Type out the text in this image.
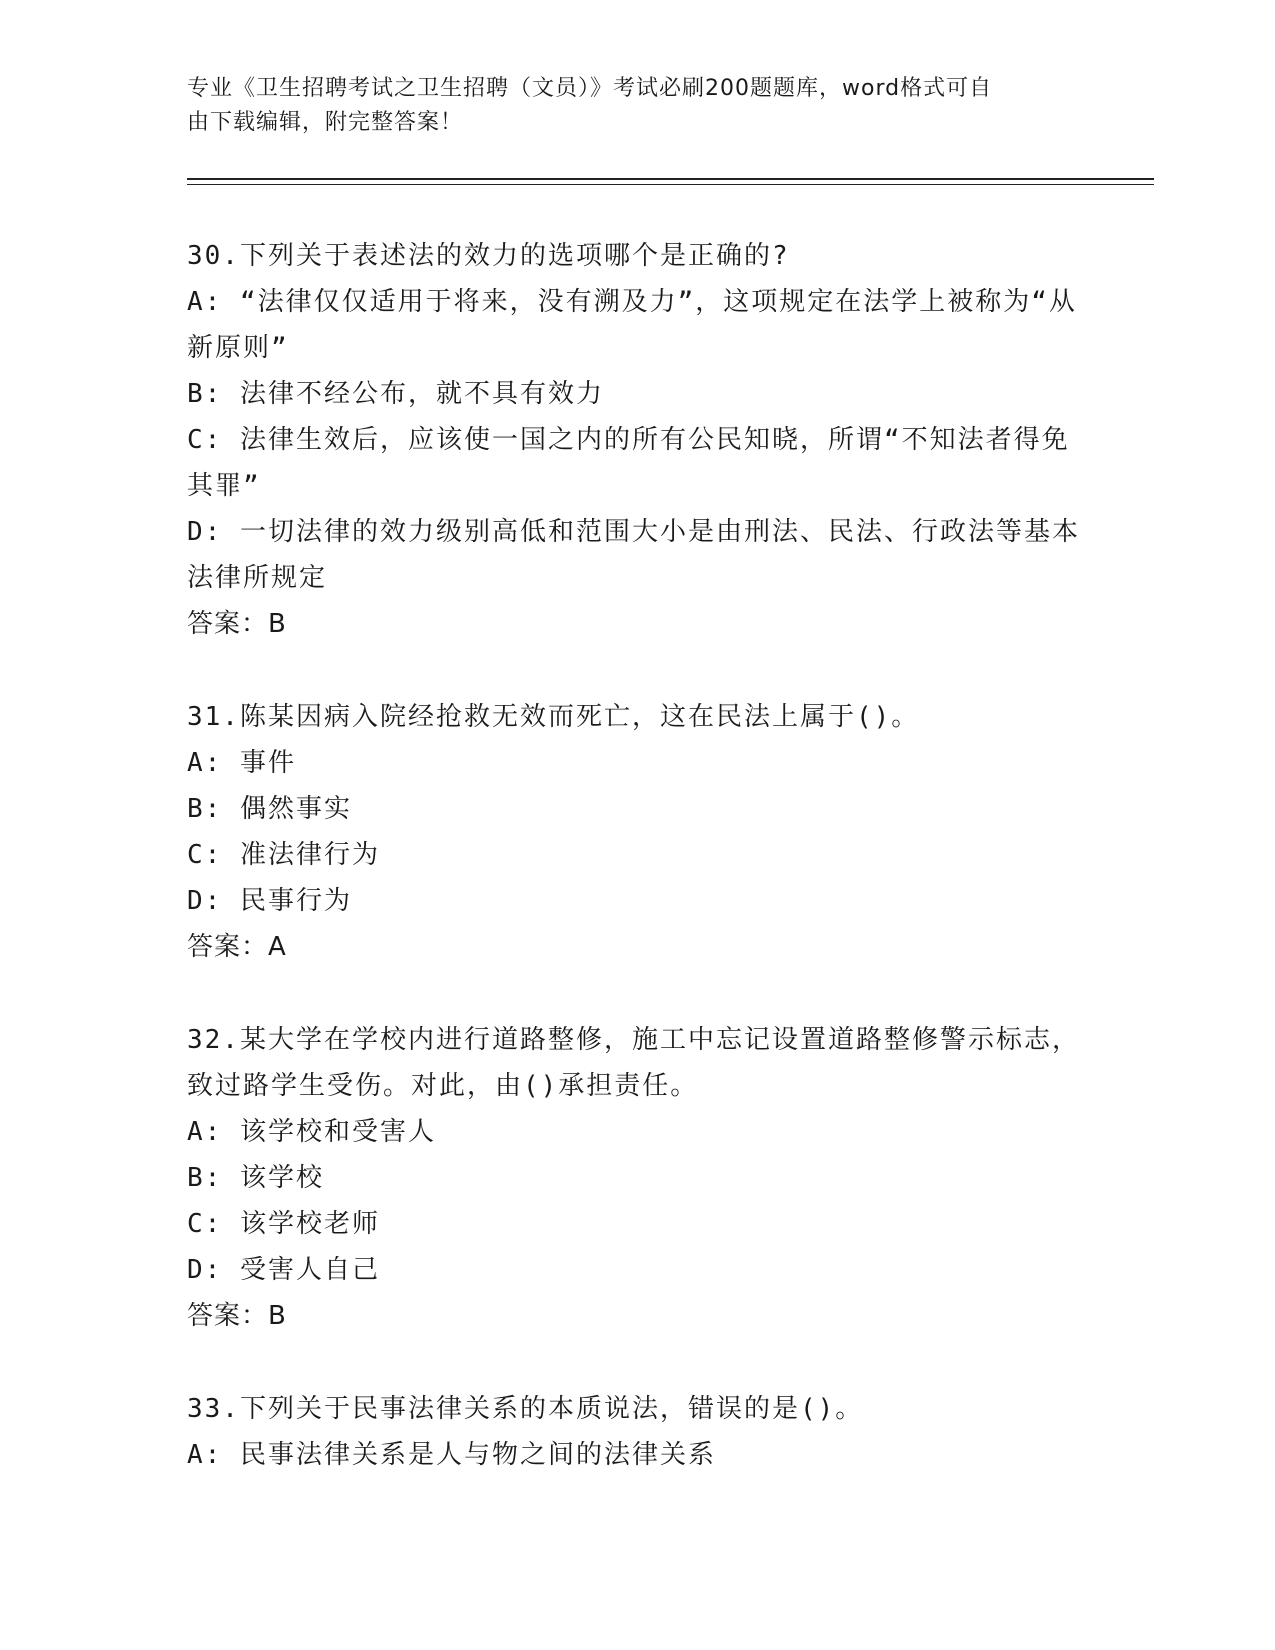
专业《卫生招聘考试之卫生招聘（文员）》考试必刷200题题库，word格式可自
由下载编辑，附完整答案！

30.下列关于表述法的效力的选项哪个是正确的?

A: “法律仅仅适用于将来，没有溯及力”，这项规定在法学上被称为“从新原则”

B: 法律不经公布，就不具有效力

C: 法律生效后，应该使一国之内的所有公民知晓，所谓“不知法者得免其罪”

D: 一切法律的效力级别高低和范围大小是由刑法、民法、行政法等基本法律所规定

答案：B

31.陈某因病入院经抢救无效而死亡，这在民法上属于()。

A: 事件

B: 偶然事实

C: 准法律行为

D: 民事行为

答案：A

32.某大学在学校内进行道路整修，施工中忘记设置道路整修警示标志，致过路学生受伤。对此，由()承担责任。

A: 该学校和受害人

B: 该学校

C: 该学校老师

D: 受害人自己

答案：B

33.下列关于民事法律关系的本质说法，错误的是()。

A: 民事法律关系是人与物之间的法律关系
